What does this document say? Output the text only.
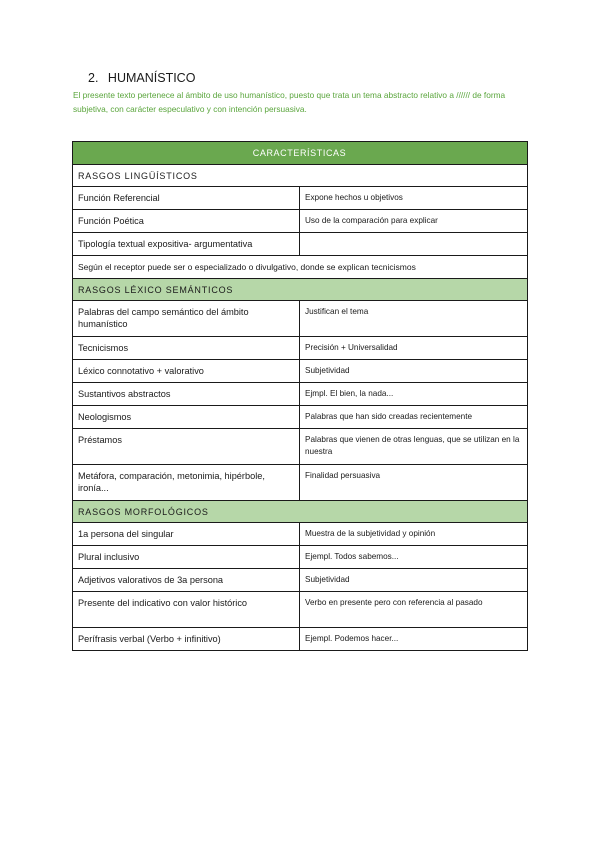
2. HUMANÍSTICO
El presente texto pertenece al ámbito de uso humanístico, puesto que trata un tema abstracto relativo a ////// de forma subjetiva, con carácter especulativo y con intención persuasiva.
CARACTERÍSTICAS	
RASGOS LINGÜÍSTICOS	
Función Referencial	Expone hechos u objetivos
Función Poética	Uso de la comparación para explicar
Tipología textual expositiva- argumentativa	
Según el receptor puede ser o especializado o divulgativo, donde se explican tecnicismos	
RASGOS LÉXICO SEMÁNTICOS	
Palabras del campo semántico del ámbito humanístico	Justifican el tema
Tecnicismos	Precisión + Universalidad
Léxico connotativo + valorativo	Subjetividad
Sustantivos abstractos	Ejmpl. El bien, la nada...
Neologismos	Palabras que han sido creadas recientemente
Préstamos	Palabras que vienen de otras lenguas, que se utilizan en la nuestra
Metáfora, comparación, metonimia, hipérbole, ironía...	Finalidad persuasiva
RASGOS MORFOLÓGICOS	
1a persona del singular	Muestra de la subjetividad y opinión
Plural inclusivo	Ejempl. Todos sabemos...
Adjetivos valorativos de 3a persona	Subjetividad
Presente del indicativo con valor histórico	Verbo en presente pero con referencia al pasado
Perífrasis verbal (Verbo + infinitivo)	Ejempl. Podemos hacer...
